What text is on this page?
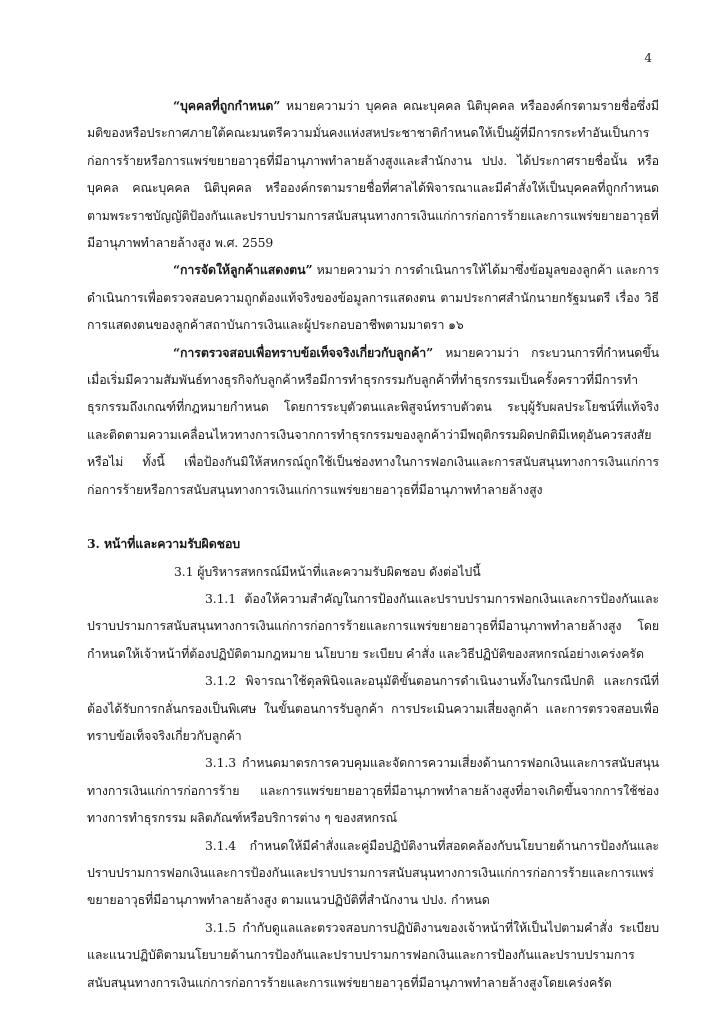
4

“บุคคลที่ถูกกำหนด” หมายความว่า บุคคล คณะบุคคล นิติบุคคล หรือองค์กรตามรายชื่อซึ่งมีมติของหรือประกาศภายใต้คณะมนตรีความมั่นคงแห่งสหประชาชาติกำหนดให้เป็นผู้ที่มีการกระทำอันเป็นการก่อการร้ายหรือการแพร่ขยายอาวุธที่มีอานุภาพทำลายล้างสูงและสำนักงาน ปปง. ได้ประกาศรายชื่อนั้น หรือบุคคล คณะบุคคล นิติบุคคล หรือองค์กรตามรายชื่อที่ศาลได้พิจารณาและมีคำสั่งให้เป็นบุคคลที่ถูกกำหนดตามพระราชบัญญัติป้องกันและปราบปรามการสนับสนุนทางการเงินแก่การก่อการร้ายและการแพร่ขยายอาวุธที่มีอานุภาพทำลายล้างสูง พ.ศ. 2559

“การจัดให้ลูกค้าแสดงตน” หมายความว่า การดำเนินการให้ได้มาซึ่งข้อมูลของลูกค้า และการดำเนินการเพื่อตรวจสอบความถูกต้องแท้จริงของข้อมูลการแสดงตน ตามประกาศสำนักนายกรัฐมนตรี เรื่อง วิธีการแสดงตนของลูกค้าสถาบันการเงินและผู้ประกอบอาชีพตามมาตรา ๑๖

“การตรวจสอบเพื่อทราบข้อเท็จจริงเกี่ยวกับลูกค้า” หมายความว่า กระบวนการที่กำหนดขึ้นเมื่อเริ่มมีความสัมพันธ์ทางธุรกิจกับลูกค้าหรือมีการทำธุรกรรมกับลูกค้าที่ทำธุรกรรมเป็นครั้งคราวที่มีการทำธุรกรรมถึงเกณฑ์ที่กฎหมายกำหนด โดยการระบุตัวตนและพิสูจน์ทราบตัวตน ระบุผู้รับผลประโยชน์ที่แท้จริง และติดตามความเคลื่อนไหวทางการเงินจากการทำธุรกรรมของลูกค้าว่ามีพฤติกรรมผิดปกติมีเหตุอันควรสงสัยหรือไม่ ทั้งนี้ เพื่อป้องกันมิให้สหกรณ์ถูกใช้เป็นช่องทางในการฟอกเงินและการสนับสนุนทางการเงินแก่การก่อการร้ายหรือการสนับสนุนทางการเงินแก่การแพร่ขยายอาวุธที่มีอานุภาพทำลายล้างสูง

3. หน้าที่และความรับผิดชอบ

3.1 ผู้บริหารสหกรณ์มีหน้าที่และความรับผิดชอบ ดังต่อไปนี้

3.1.1 ต้องให้ความสำคัญในการป้องกันและปราบปรามการฟอกเงินและการป้องกันและปราบปรามการสนับสนุนทางการเงินแก่การก่อการร้ายและการแพร่ขยายอาวุธที่มีอานุภาพทำลายล้างสูง โดยกำหนดให้เจ้าหน้าที่ต้องปฏิบัติตามกฎหมาย นโยบาย ระเบียบ คำสั่ง และวิธีปฏิบัติของสหกรณ์อย่างเคร่งครัด

3.1.2 พิจารณาใช้ดุลพินิจและอนุมัติขั้นตอนการดำเนินงานทั้งในกรณีปกติ และกรณีที่ต้องได้รับการกลั่นกรองเป็นพิเศษ ในขั้นตอนการรับลูกค้า การประเมินความเสี่ยงลูกค้า และการตรวจสอบเพื่อทราบข้อเท็จจริงเกี่ยวกับลูกค้า

3.1.3 กำหนดมาตรการควบคุมและจัดการความเสี่ยงด้านการฟอกเงินและการสนับสนุนทางการเงินแก่การก่อการร้าย และการแพร่ขยายอาวุธที่มีอานุภาพทำลายล้างสูงที่อาจเกิดขึ้นจากการใช้ช่องทางการทำธุรกรรม ผลิตภัณฑ์หรือบริการต่าง ๆ ของสหกรณ์

3.1.4 กำหนดให้มีคำสั่งและคู่มือปฏิบัติงานที่สอดคล้องกับนโยบายด้านการป้องกันและปราบปรามการฟอกเงินและการป้องกันและปราบปรามการสนับสนุนทางการเงินแก่การก่อการร้ายและการแพร่ขยายอาวุธที่มีอานุภาพทำลายล้างสูง ตามแนวปฏิบัติที่สำนักงาน ปปง. กำหนด

3.1.5 กำกับดูแลและตรวจสอบการปฏิบัติงานของเจ้าหน้าที่ให้เป็นไปตามคำสั่ง ระเบียบและแนวปฏิบัติตามนโยบายด้านการป้องกันและปราบปรามการฟอกเงินและการป้องกันและปราบปรามการสนับสนุนทางการเงินแก่การก่อการร้ายและการแพร่ขยายอาวุธที่มีอานุภาพทำลายล้างสูงโดยเคร่งครัด
